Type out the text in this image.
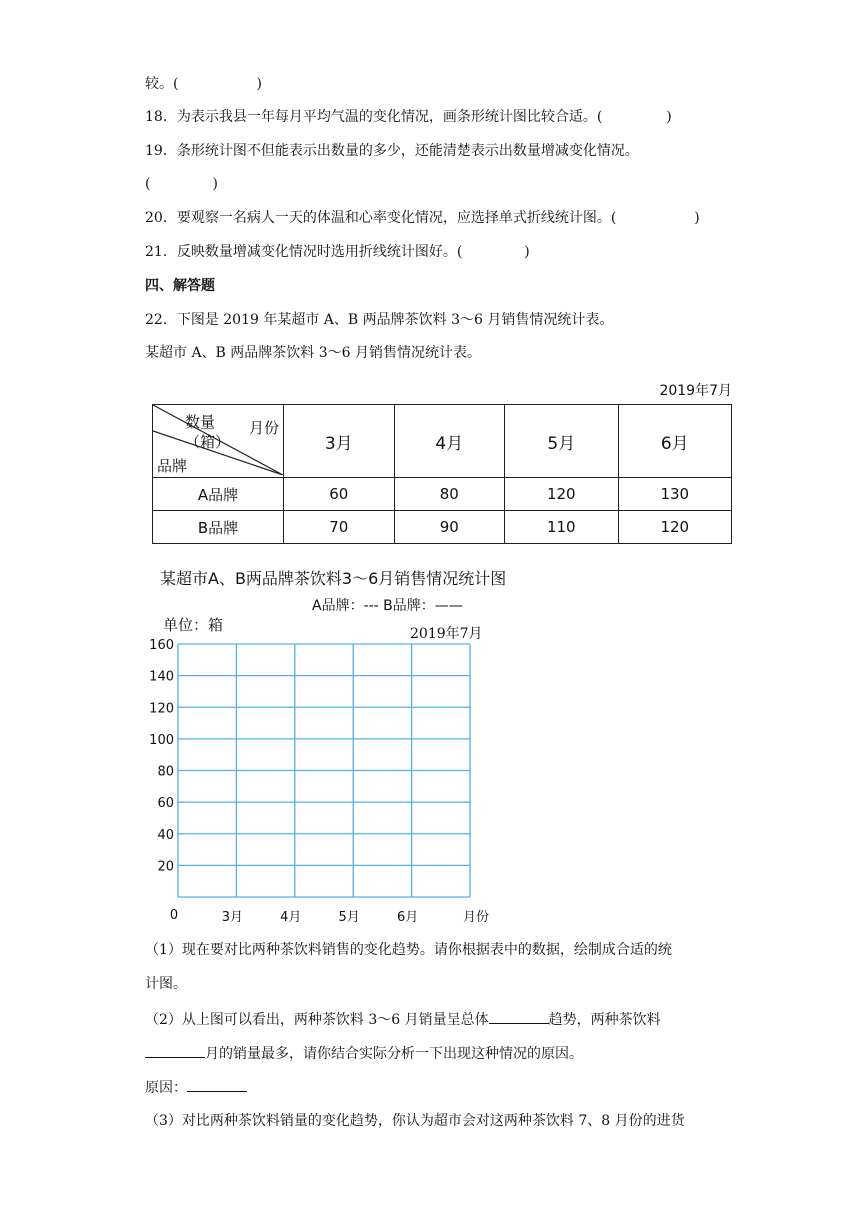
较。(	)
18．为表示我县一年每月平均气温的变化情况，画条形统计图比较合适。(	)
19．条形统计图不但能表示出数量的多少，还能清楚表示出数量增减变化情况。
(	)
20．要观察一名病人一天的体温和心率变化情况，应选择单式折线统计图。(	)
21．反映数量增减变化情况时选用折线统计图好。(	)
四、解答题
22．下图是 2019 年某超市 A、B 两品牌茶饮料 3～6 月销售情况统计表。
某超市 A、B 两品牌茶饮料 3～6 月销售情况统计表。
2019年7月
数量
（箱）
月份
品牌	3月	4月	5月	6月
A品牌	60	80	120	130
B品牌	70	90	110	120
某超市A、B两品牌茶饮料3～6月销售情况统计图
A品牌：--- B品牌：——
单位：箱	2019年7月
0
20
40
60
80
100
120
140
160
3月	4月	5月	6月	月份
（1）现在要对比两种茶饮料销售的变化趋势。请你根据表中的数据，绘制成合适的统
计图。
（2）从上图可以看出，两种茶饮料 3～6 月销量呈总体	趋势，两种茶饮料
月的销量最多，请你结合实际分析一下出现这种情况的原因。
原因：
（3）对比两种茶饮料销量的变化趋势，你认为超市会对这两种茶饮料 7、8 月份的进货
